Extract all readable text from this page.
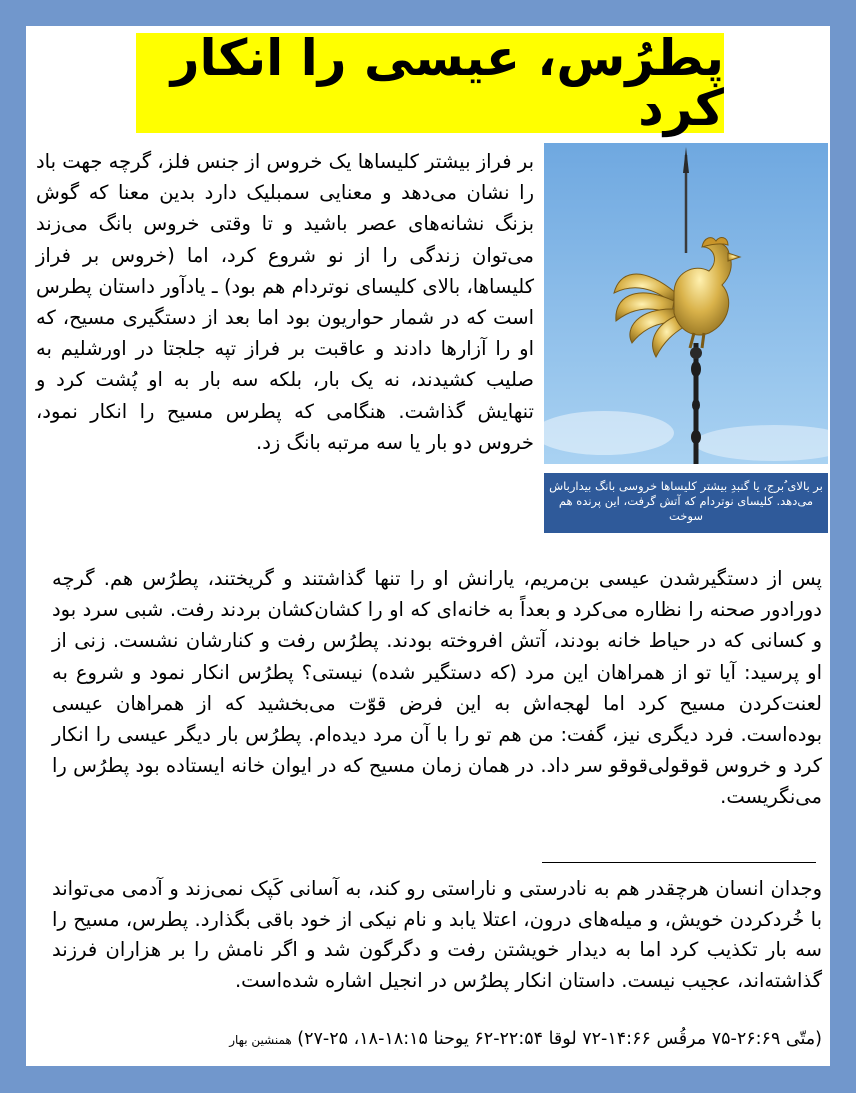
پطرُس، عیسی را انکار کرد
بر بالای ُبرج، یا گنبدِ بیشتر کلیساها خروسی بانگ بیدارباش می‌دهد. کلیسای نوتردام که آتش گرفت، این پرنده هم سوخت

بر فراز بیشتر کلیساها یک خروس از جنس فلز، گرچه جهت باد را نشان می‌دهد و معنایی سمبلیک دارد بدین معنا که گوش بزنگ نشانه‌های عصر باشید و تا وقتی خروس بانگ می‌زند می‌توان زندگی را از نو شروع کرد، اما (خروس بر فراز کلیساها، بالای کلیسای نوتردام هم بود) ـ یادآور داستان پطرس است که در شمار حواریون بود اما بعد از دستگیری مسیح، که او را آزارها دادند و عاقبت بر فراز تپه جلجتا در اورشلیم به صلیب کشیدند، نه یک بار، بلکه سه بار به او پُشت کرد و تنهایش گذاشت. هنگامی که پطرس مسیح را انکار نمود، خروس دو بار یا سه مرتبه بانگ زد.

پس از دستگیرشدن عیسی بن‌مریم، یارانش او را تنها گذاشتند و گریختند، پطرُس هم. گرچه دورادور صحنه را نظاره می‌کرد و بعداً به خانه‌ای که او را کشان‌کشان بردند رفت. شبی سرد بود و کسانی که در حیاط خانه بودند، آتش افروخته بودند. پطرُس رفت و کنارشان نشست. زنی از او پرسید: آیا تو از همراهان این مرد (که دستگیر شده) نیستی؟ پطرُس انکار نمود و شروع به لعنت‌کردن مسیح کرد اما لهجه‌اش به این فرض قوّت می‌بخشید که از همراهان عیسی بوده‌است. فرد دیگری نیز، گفت: من هم تو را با آن مرد دیده‌ام. پطرُس بار دیگر عیسی را انکار کرد و خروس قوقولی‌قوقو سر داد. در همان زمان مسیح که در ایوان خانه ایستاده بود پطرُس را می‌نگریست.

وجدان انسان هرچقدر هم به نادرستی و ناراستی رو کند، به آسانی کَپک نمی‌زند و آدمی می‌تواند با خُردکردن خویش، و میله‌های درون، اعتلا یابد و نام نیکی از خود باقی بگذارد. پطرس، مسیح را سه بار تکذیب کرد اما به دیدار خویشتن رفت و دگرگون شد و اگر نامش را بر هزاران فرزند گذاشته‌اند، عجیب نیست. داستان انکار پطرُس در انجیل اشاره شده‌است.

(متّی ۲۶:۶۹-۷۵ مرقُس ۱۴:۶۶-۷۲ لوقا ۲۲:۵۴-۶۲ یوحنا ۱۸:۱۵-۱۸، ۲۵-۲۷) همنشین بهار
